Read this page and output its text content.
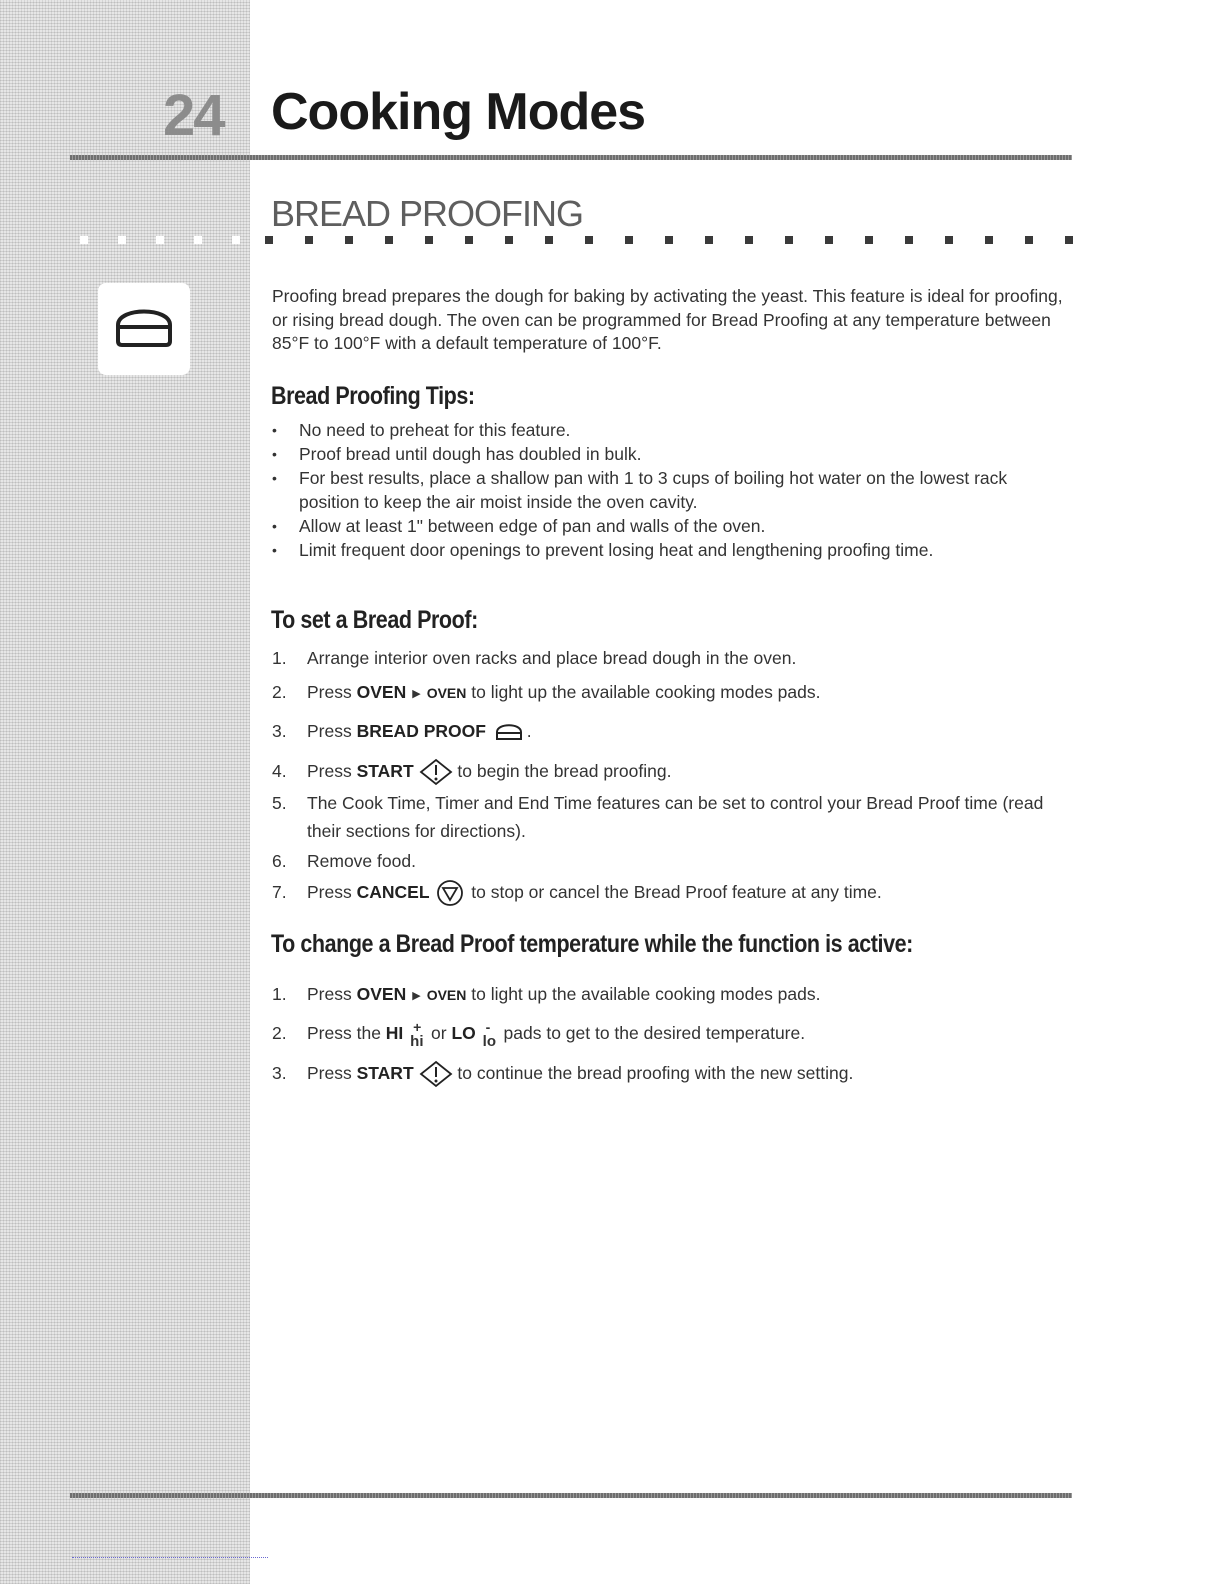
24 Cooking Modes
BREAD PROOFING
Proofing bread prepares the dough for baking by activating the yeast. This feature is ideal for proofing, or rising bread dough. The oven can be programmed for Bread Proofing at any temperature between 85°F to 100°F with a default temperature of 100°F.
Bread Proofing Tips:
• No need to preheat for this feature.
• Proof bread until dough has doubled in bulk.
• For best results, place a shallow pan with 1 to 3 cups of boiling hot water on the lowest rack position to keep the air moist inside the oven cavity.
• Allow at least 1" between edge of pan and walls of the oven.
• Limit frequent door openings to prevent losing heat and lengthening proofing time.
To set a Bread Proof:
1.	Arrange interior oven racks and place bread dough in the oven.
2.	Press OVEN ▶ OVEN to light up the available cooking modes pads.
3.	Press BREAD PROOF .
4.	Press START  to begin the bread proofing.
5.	The Cook Time, Timer and End Time features can be set to control your Bread Proof time (read their sections for directions).
6.	Remove food.
7.	Press CANCEL  to stop or cancel the Bread Proof feature at any time.
To change a Bread Proof temperature while the function is active:
1.	Press OVEN ▶ OVEN to light up the available cooking modes pads.
2.	Press the HI +
hi or LO -
lo pads to get to the desired temperature.
3.	Press START  to continue the bread proofing with the new setting.
